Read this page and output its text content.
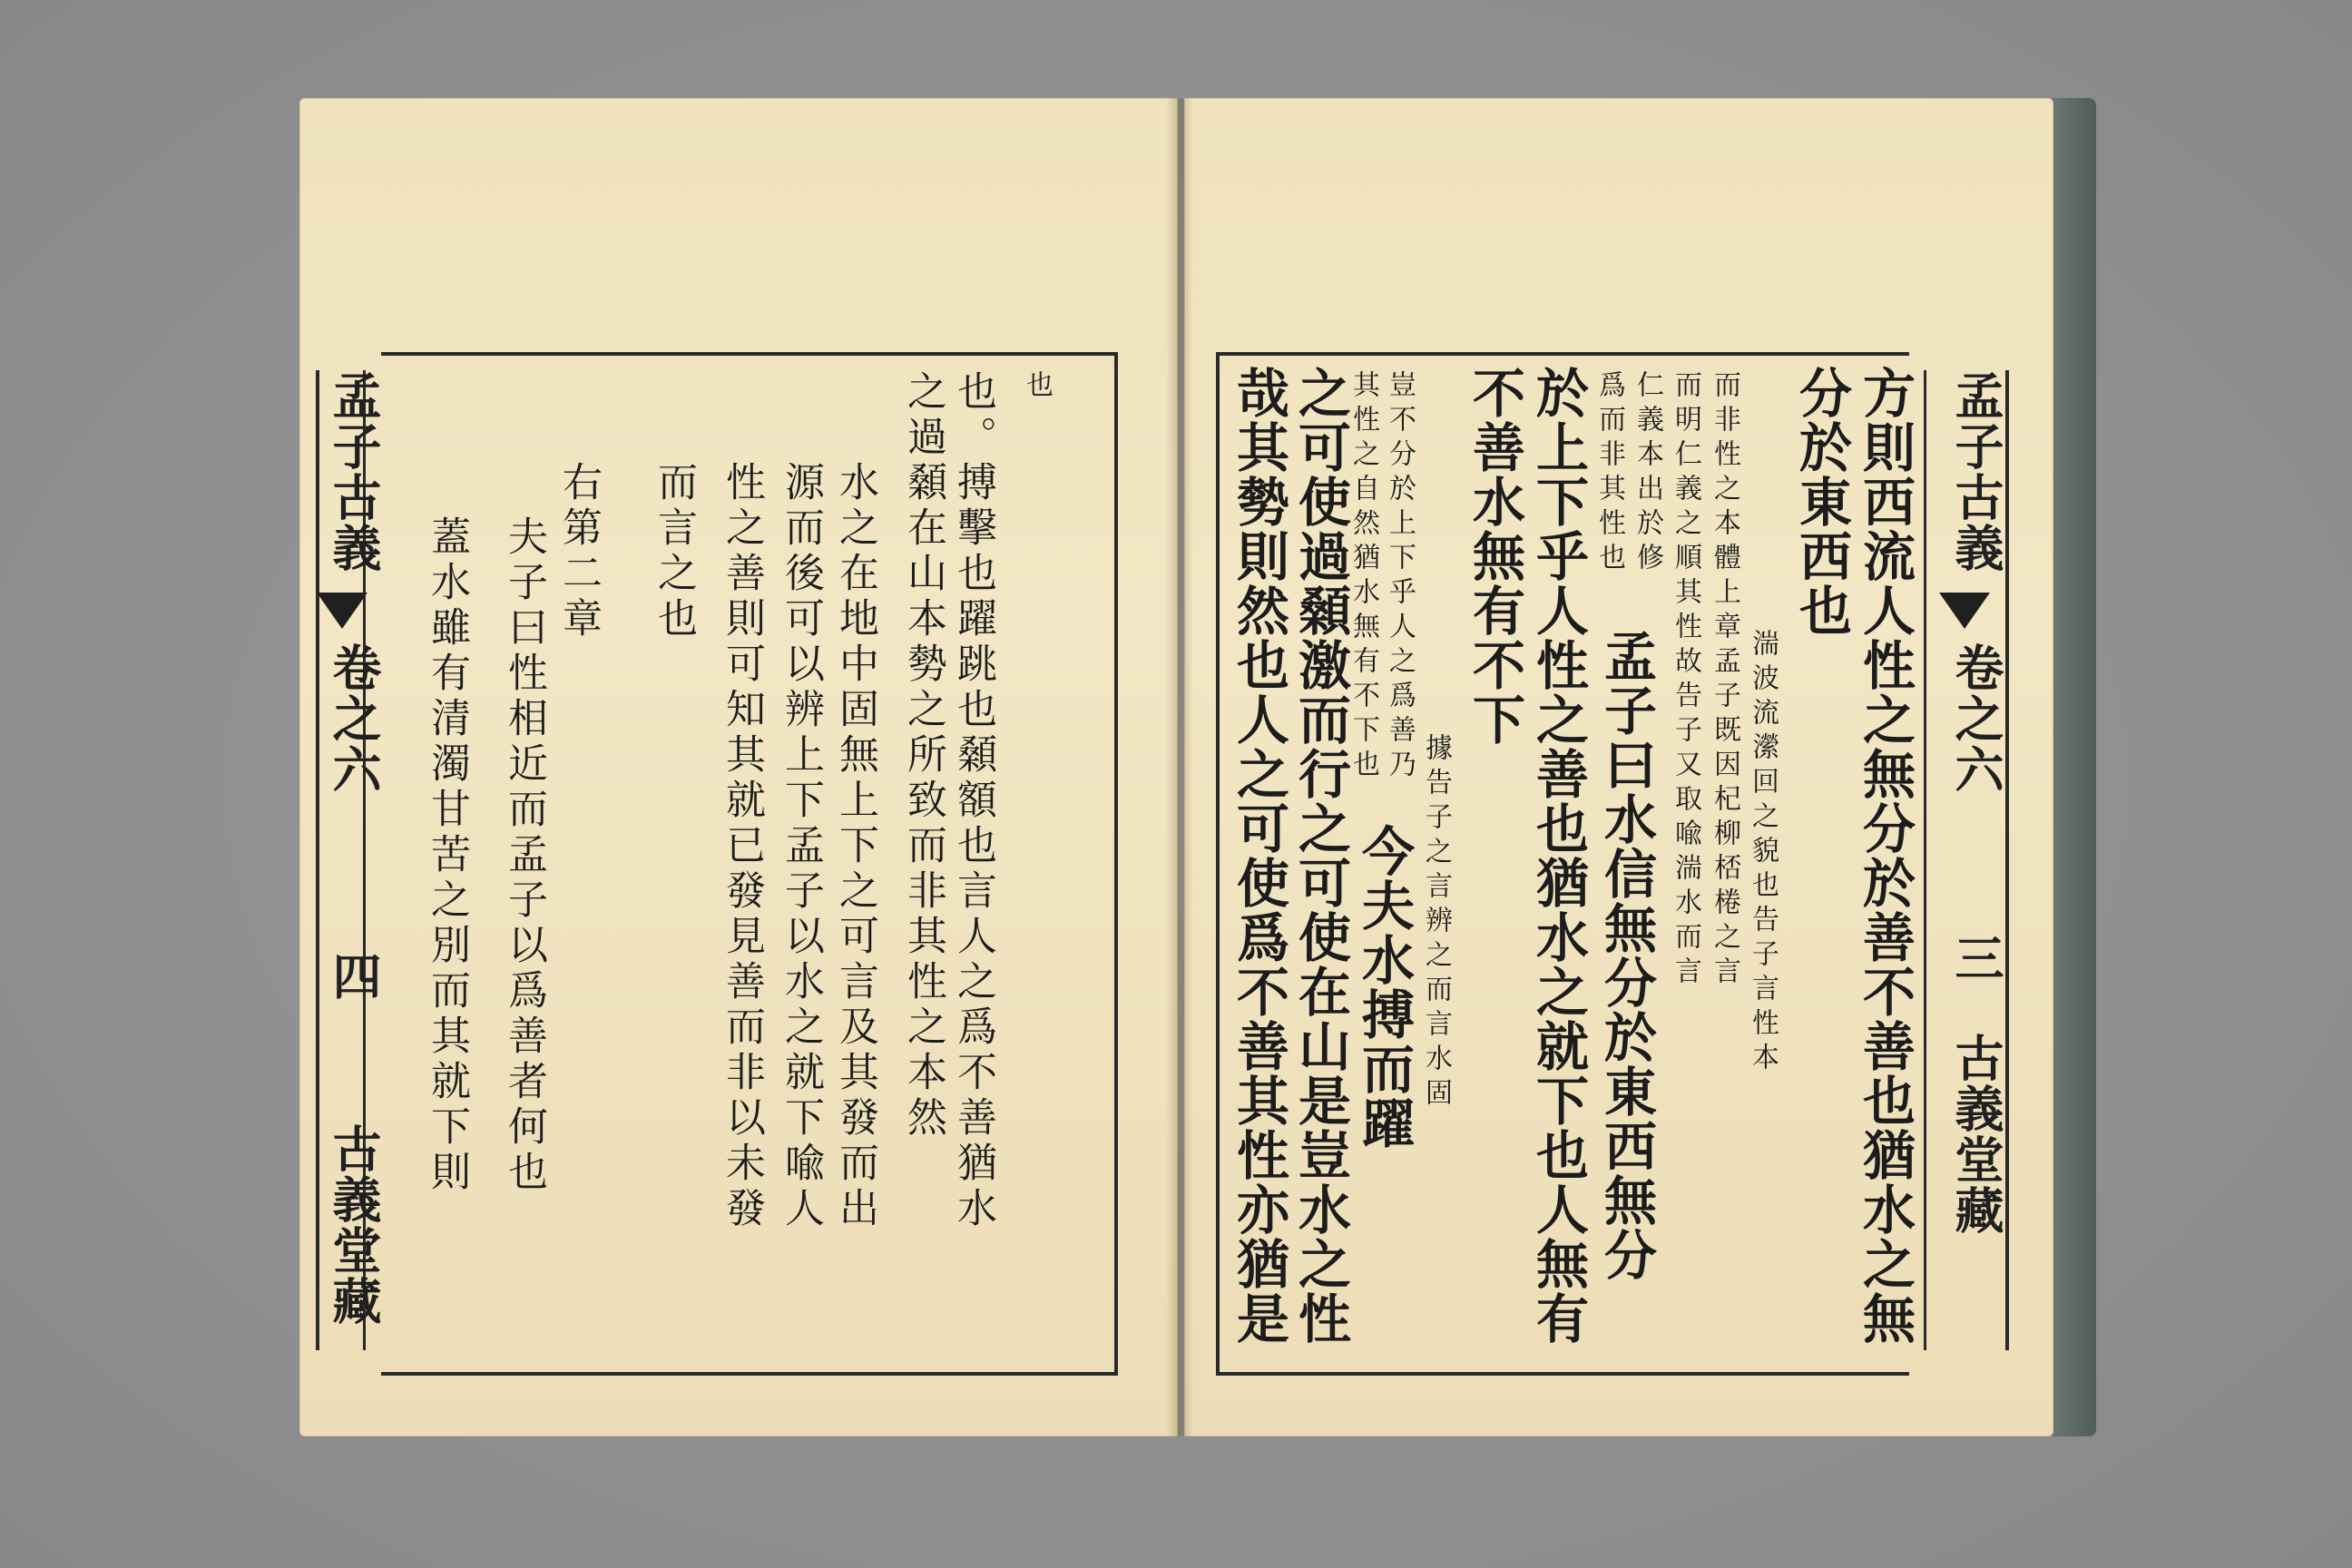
孟子古義
卷之六
四
古義堂藏
也
也。搏擊也躍跳也顙額也言人之爲不善猶水
之過顙在山本勢之所致而非其性之本然
水之在地中固無上下之可言及其發而出
源而後可以辨上下孟子以水之就下喩人
性之善則可知其就已發見善而非以未發
而言之也
右第二章
夫子曰性相近而孟子以爲善者何也
蓋水雖有清濁甘苦之別而其就下則
孟子古義
卷之六
三
古義堂藏
方則西流人性之無分於善不善也猶水之無
分於東西也
湍波流瀠回之貌也告子言性本
而非性之本體上章孟子既因杞柳桮棬之言
而明仁義之順其性故告子又取喩湍水而言
仁義本出於修
爲而非其性也
孟子曰水信無分於東西無分
於上下乎人性之善也猶水之就下也人無有
不善水無有不下
據告子之言辨之而言水固
豈不分於上下乎人之爲善乃
其性之自然猶水無有不下也
今夫水搏而躍
之可使過顙激而行之可使在山是豈水之性
哉其勢則然也人之可使爲不善其性亦猶是
